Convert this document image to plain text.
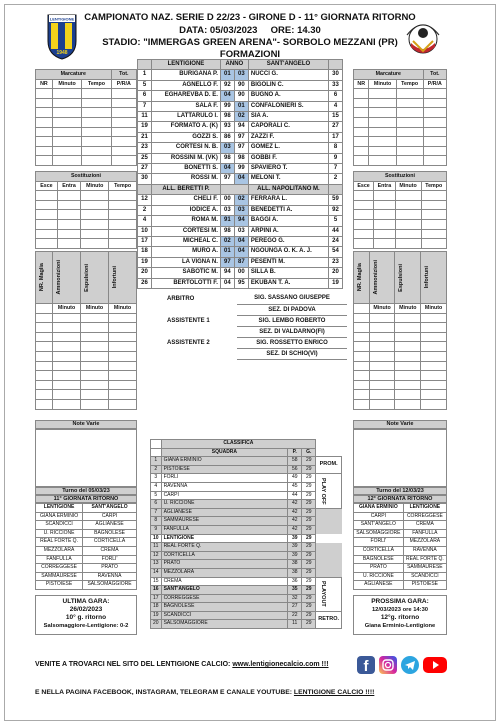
LENTIGIONE
1948
CAMPIONATO NAZ. SERIE D 22/23 - GIRONE D - 11° GIORNATA RITORNO
DATA: 05/03/2023 ORE: 14.30
STADIO: "IMMERGAS GREEN ARENA"- SORBOLO MEZZANI (PR)
FORMAZIONI
	LENTIGIONE	ANNO		SANT'ANGELO	
1	BURIGANA P.	01	03	NUCCI G.	30
5	AGNELLO F.	92	90	BIGOLIN C.	33
6	EGHAREVBA D. E.	04	90	BUGNO A.	6
7	SALA F.	99	01	CONFALONIERI S.	4
11	LATTARULO I.	98	02	SIA A.	15
19	FORMATO A. (K)	93	94	CAPORALI C.	27
21	GOZZI S.	86	97	ZAZZI F.	17
23	CORTESI N. B.	03	97	GOMEZ L.	8
25	ROSSINI M. (VK)	98	98	GOBBI F.	9
27	BONETTI S.	04	99	SPAVIERO T.	7
30	ROSSI M.	97	04	MELONI T.	2
	ALL. BERETTI P.			ALL. NAPOLITANO M.	
12	CHELI F.	00	02	FERRARA L.	59
2	IODICE A.	03	03	BENEDETTI A.	92
4	ROMA M.	91	94	BAGGI A.	5
10	CORTESI M.	98	03	ARPINI A.	44
17	MICHEAL C.	02	04	PEREGO G.	24
18	MURO A.	01	04	NGOUNGA O. K. A. J.	54
19	LA VIGNA N.	97	87	PESENTI M.	23
20	SABOTIC M.	94	00	SILLA B.	20
26	BERTOLOTTI F.	04	95	EKUBAN T. A.	19
Marcature			Tot.
NR	Minuto	Tempo	P/R/A

Sostituzioni			
Esce	Entra	Minuto	Tempo

NR. Maglia	Ammonizioni	Espulsioni	Infortuni

	Minuto	Minuto	Minuto

Note Varie
Marcature			Tot.
NR	Minuto	Tempo	P/R/A

Sostituzioni			
Esce	Entra	Minuto	Tempo

NR. Maglia	Ammonizioni	Espulsioni	Infortuni

	Minuto	Minuto	Minuto

Note Varie
ARBITRO	SIG. SASSANO GIUSEPPE
	SEZ. DI PADOVA
ASSISTENTE 1	SIG. LEMBO ROBERTO
	SEZ. DI VALDARNO(FI)
ASSISTENTE 2	SIG. ROSSETTO ENRICO
	SEZ. DI SCHIO(VI)
	CLASSIFICA			
	SQUADRA	P.	G.	
1	GIANA ERMINIO	58	29	PROM.

2	PISTOIESE	56	29	
3	FORLI	49	29	PLAY OFF

4	RAVENNA	45	29	
5	CARPI	44	29	
6	U. RICCIONE	42	29	
7	AGLIANESE	42	29	
8	SAMMAURESE	42	29	
9	FANFULLA	42	29	
10	LENTIGIONE	39	29	
11	REAL FORTE Q.	39	29	
12	CORTICELLA	39	29	
13	PRATO	38	29	
14	MEZZOLARA	38	29	
15	CREMA	36	29	PLAYOUT

16	SANT'ANGELO	35	29	
17	CORREGGESE	32	29	
18	BAGNOLESE	27	29	
19	SCANDICCI	22	29	RETRO.

20	SALSOMAGGIORE	11	29	
Turno del 05/03/23
11° GIORNATA RITORNO
LENTIGIONE	SANT'ANGELO
GIANA ERMINIO	CARPI
SCANDICCI	AGLIANESE
U. RICCIONE	BAGNOLESE
REAL FORTE Q.	CORTICELLA
MEZZOLARA	CREMA
FANFULLA	FORLI'
CORREGGESE	PRATO
SAMMAURESE	RAVENNA
PISTOIESE	SALSOMAGGIORE
Turno del 12/03/23
12° GIORNATA RITORNO
GIANA ERMINIO	LENTIGIONE
CARPI	CORREGGESE
SANT'ANGELO	CREMA
SALSOMAGGIORE	FANFULLA
FORLI'	MEZZOLARA
CORTICELLA	RAVENNA
BAGNOLESE	REAL FORTE Q.
PRATO	SAMMAURESE
U. RICCIONE	SCANDICCI
AGLIANESE	PISTOIESE
ULTIMA GARA:
26/02/2023
10° g. ritorno
Salsomaggiore-Lentigione: 0-2
PROSSIMA GARA:
12/03/2023 ore 14:30
12°g. ritorno
Giana Erminio-Lentigione
VENITE A TROVARCI NEL SITO DEL LENTIGIONE CALCIO: www.lentigionecalcio.com !!!
E NELLA PAGINA FACEBOOK, INSTAGRAM, TELEGRAM E CANALE YOUTUBE: LENTIGIONE CALCIO !!!!
f
